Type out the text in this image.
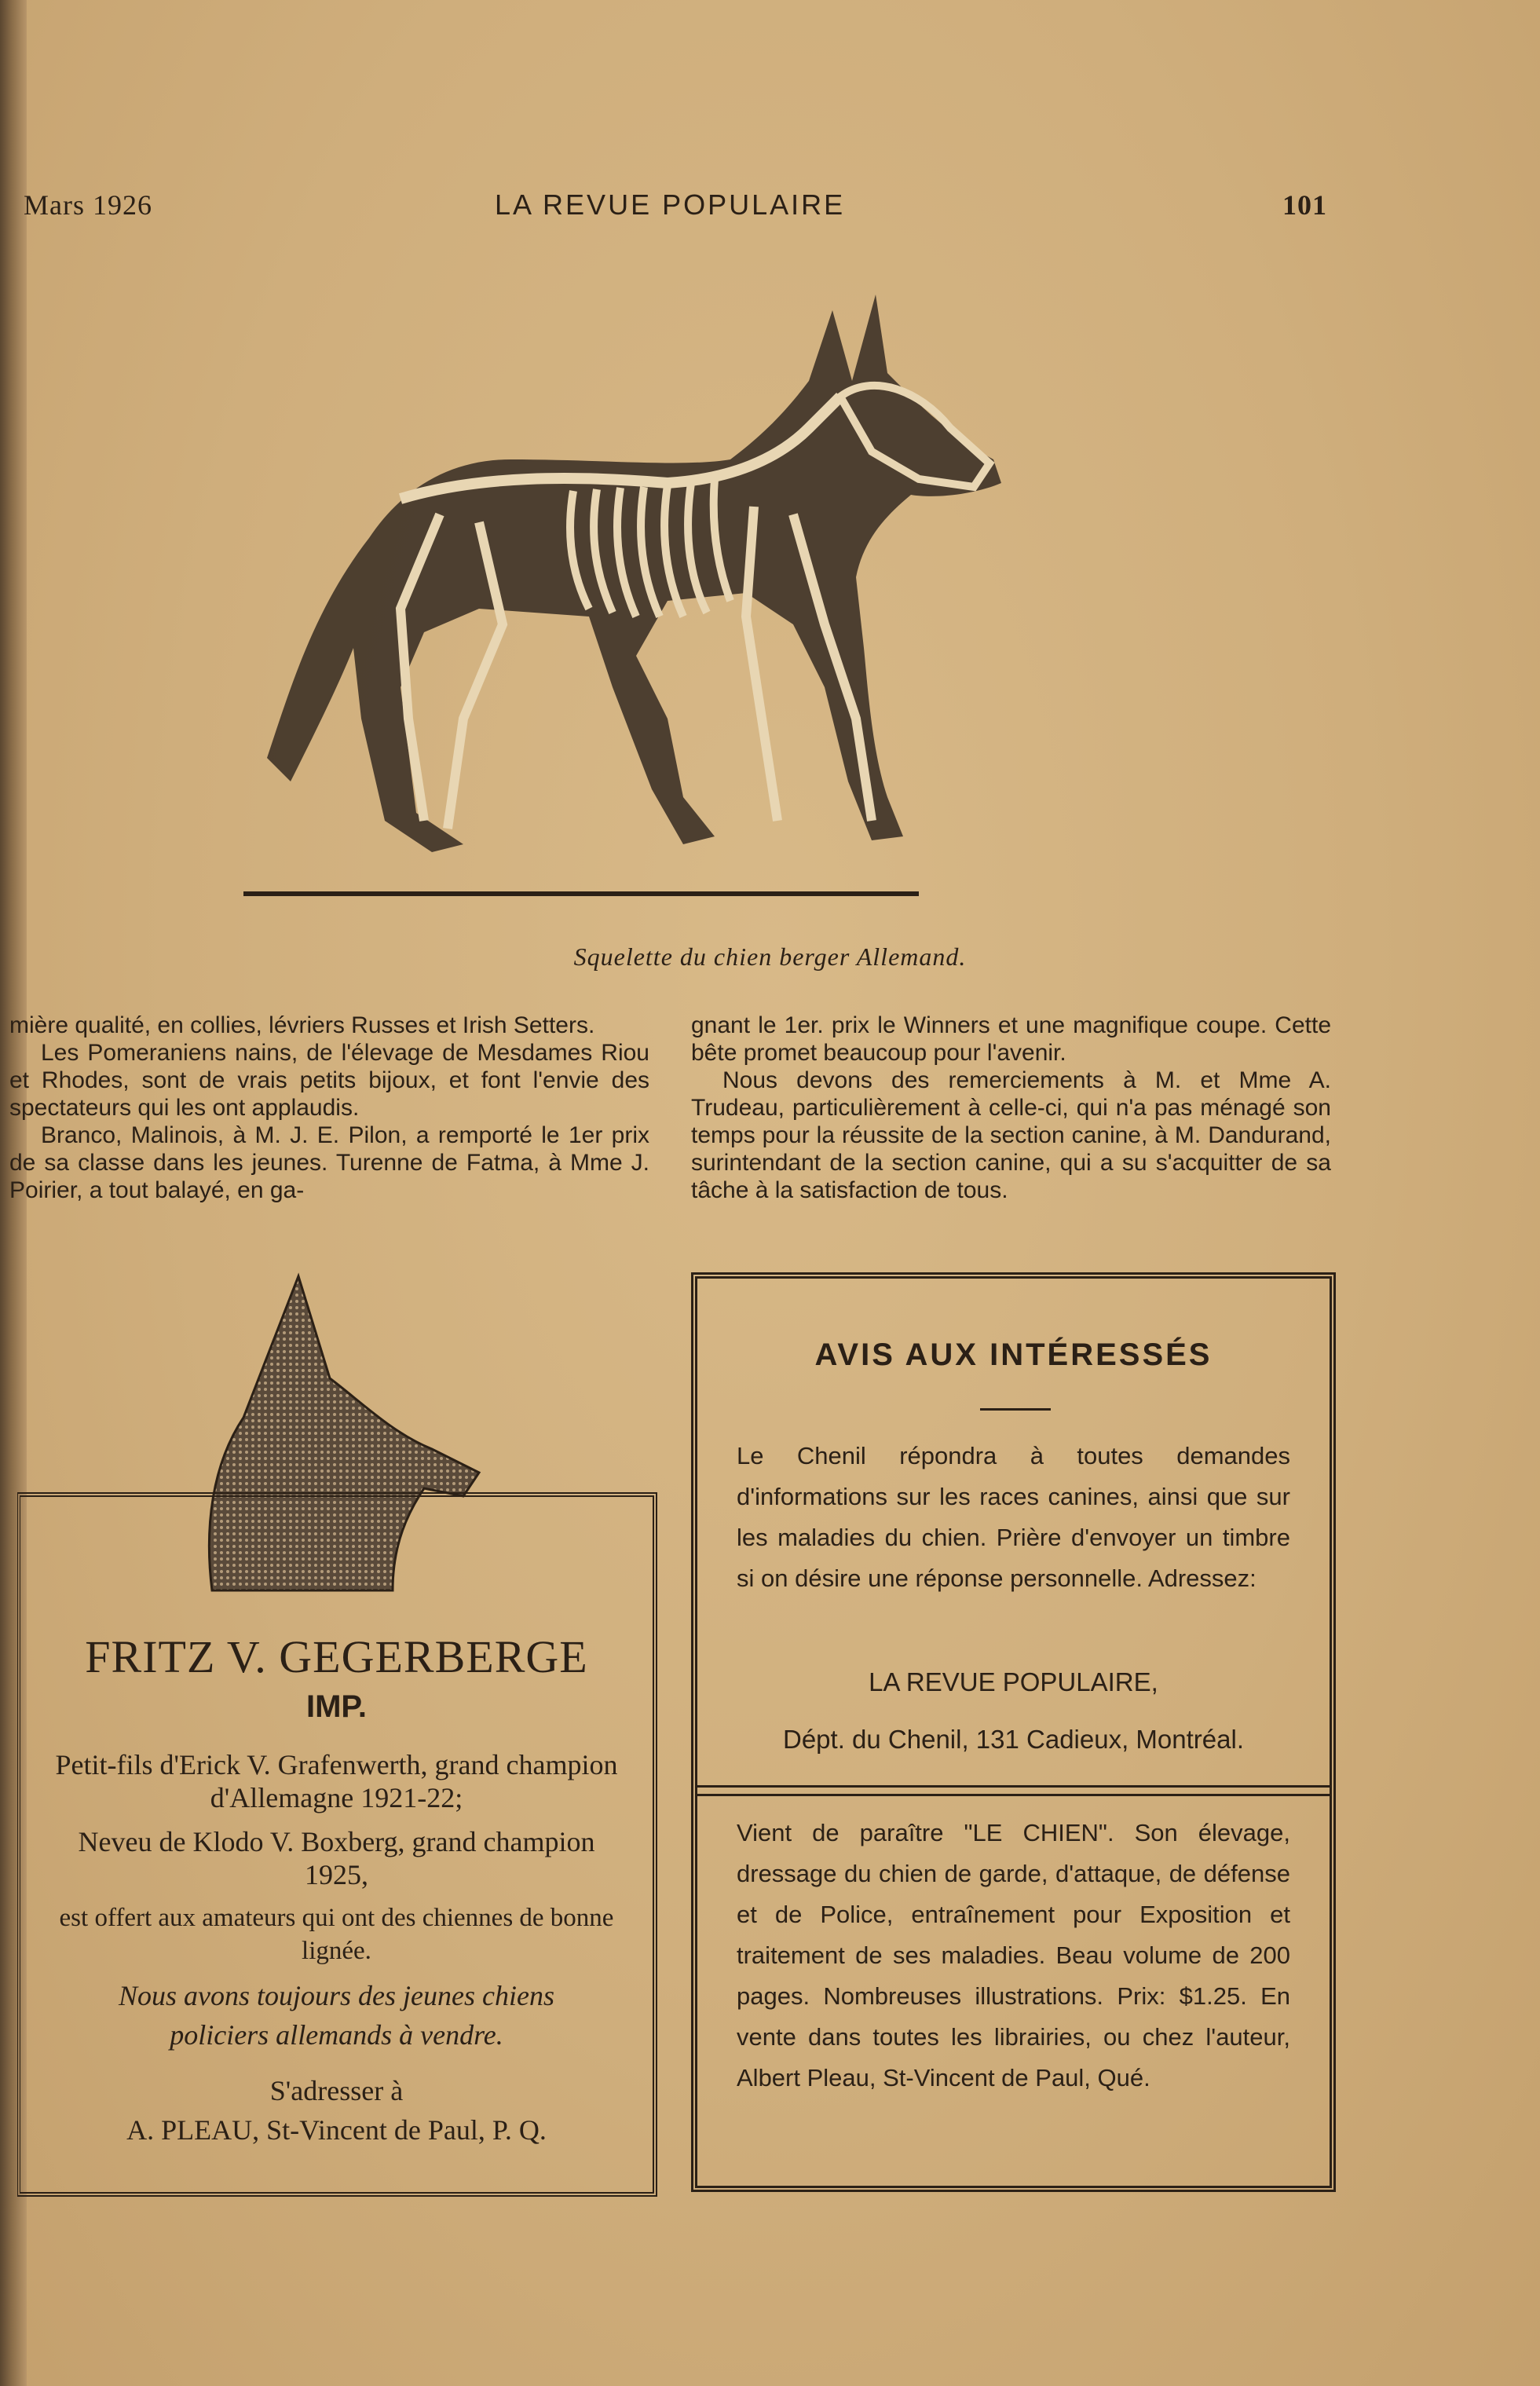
Mars 1926	LA REVUE POPULAIRE	101
Squelette du chien berger Allemand.

mière qualité, en collies, lévriers Russes et Irish Setters.

Les Pomeraniens nains, de l'élevage de Mesdames Riou et Rhodes, sont de vrais petits bijoux, et font l'envie des spectateurs qui les ont applaudis.

Branco, Malinois, à M. J. E. Pilon, a remporté le 1er prix de sa classe dans les jeunes. Turenne de Fatma, à Mme J. Poirier, a tout balayé, en ga-

gnant le 1er. prix le Winners et une magnifique coupe. Cette bête promet beaucoup pour l'avenir.

Nous devons des remerciements à M. et Mme A. Trudeau, particulièrement à celle-ci, qui n'a pas ménagé son temps pour la réussite de la section canine, à M. Dandurand, surintendant de la section canine, qui a su s'acquitter de sa tâche à la satisfaction de tous.

FRITZ V. GEGERBERGE
IMP.
Petit-fils d'Erick V. Grafenwerth, grand champion d'Allemagne 1921-22;
Neveu de Klodo V. Boxberg, grand champion 1925,
est offert aux amateurs qui ont des chiennes de bonne lignée.
Nous avons toujours des jeunes chiens policiers allemands à vendre.
S'adresser à
A. PLEAU, St-Vincent de Paul, P. Q.
AVIS AUX INTÉRESSÉS
Le Chenil répondra à toutes demandes d'informations sur les races canines, ainsi que sur les maladies du chien. Prière d'envoyer un timbre si on désire une réponse personnelle. Adressez:
LA REVUE POPULAIRE,
Dépt. du Chenil, 131 Cadieux, Montréal.
Vient de paraître "LE CHIEN". Son élevage, dressage du chien de garde, d'attaque, de défense et de Police, entraînement pour Exposition et traitement de ses maladies. Beau volume de 200 pages. Nombreuses illustrations. Prix: $1.25. En vente dans toutes les librairies, ou chez l'auteur, Albert Pleau, St-Vincent de Paul, Qué.
